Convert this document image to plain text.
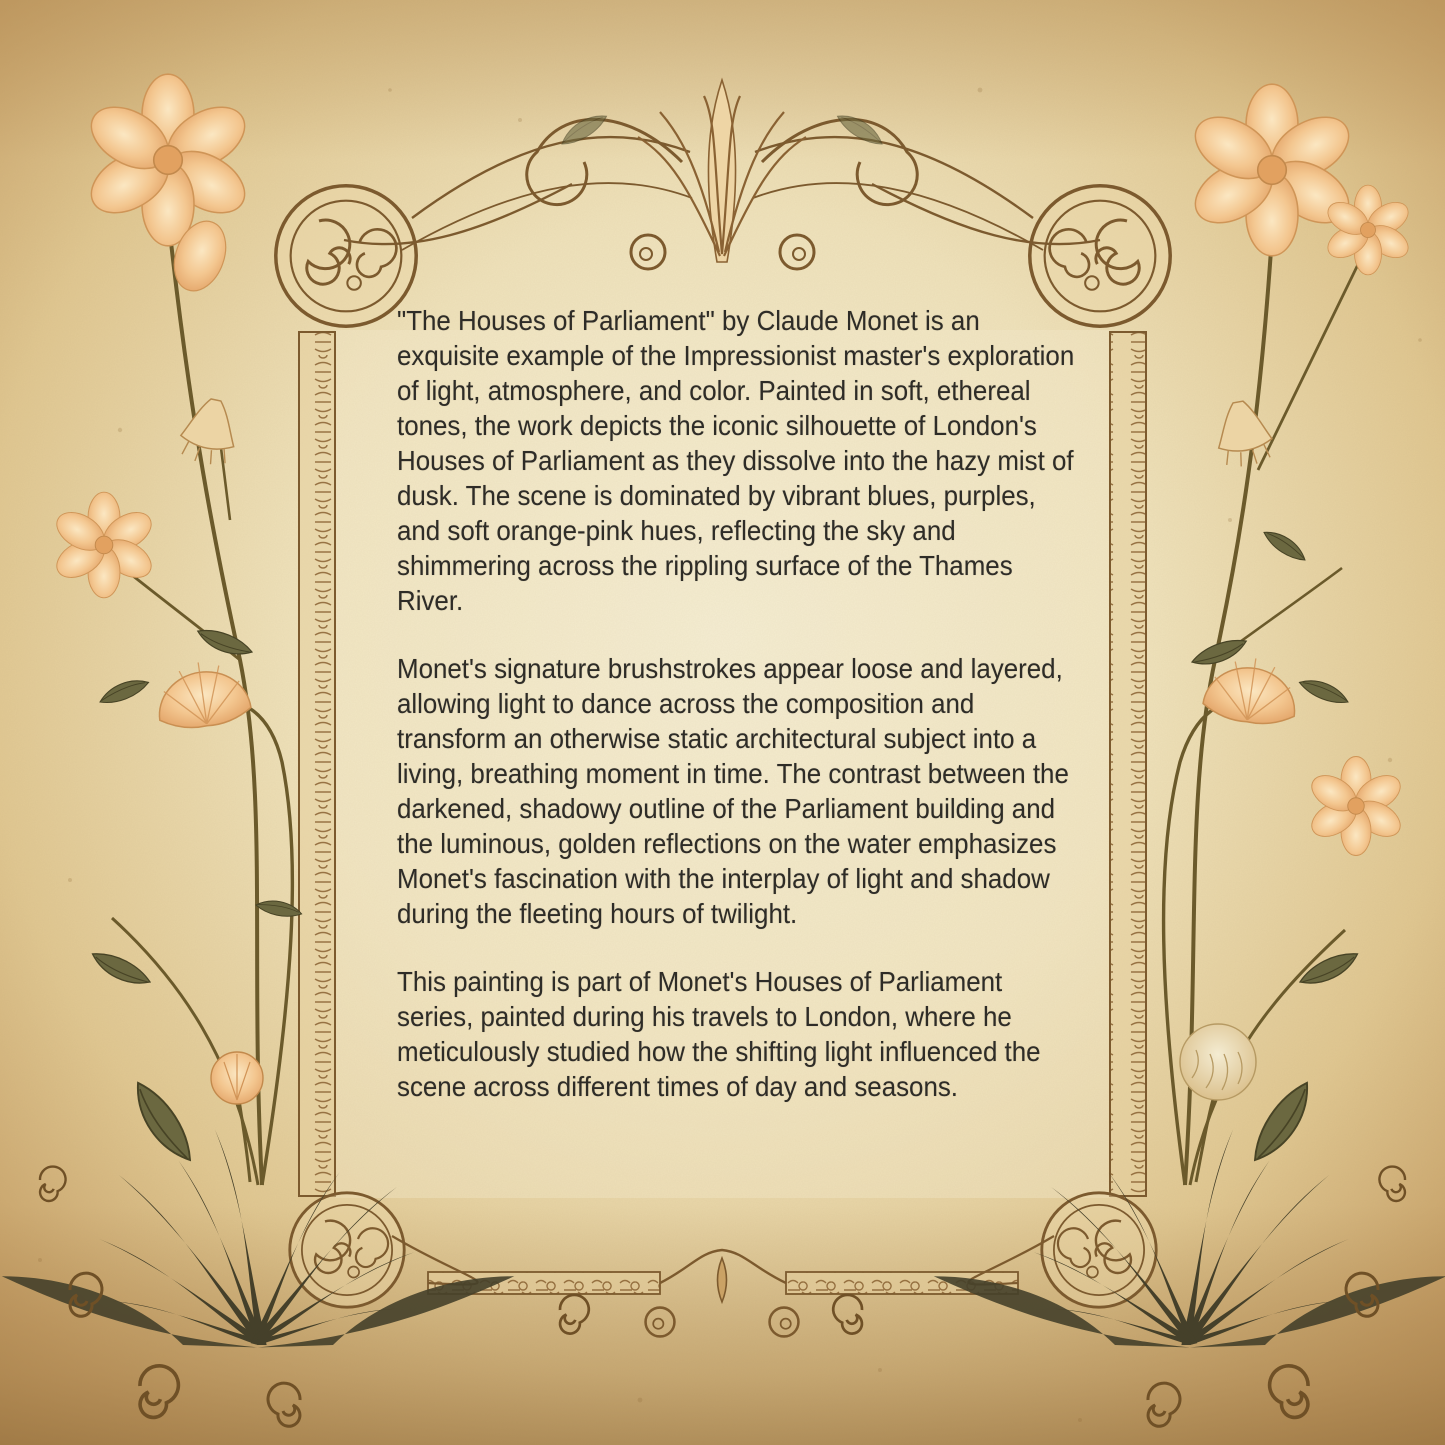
"The Houses of Parliament" by Claude Monet is an exquisite example of the Impressionist master's exploration of light, atmosphere, and color. Painted in soft, ethereal tones, the work depicts the iconic silhouette of London's Houses of Parliament as they dissolve into the hazy mist of dusk. The scene is dominated by vibrant blues, purples, and soft orange-pink hues, reflecting the sky and shimmering across the rippling surface of the Thames River.

Monet's signature brushstrokes appear loose and layered, allowing light to dance across the composition and transform an otherwise static architectural subject into a living, breathing moment in time. The contrast between the darkened, shadowy outline of the Parliament building and the luminous, golden reflections on the water emphasizes Monet's fascination with the interplay of light and shadow during the fleeting hours of twilight.

This painting is part of Monet's Houses of Parliament series, painted during his travels to London, where he meticulously studied how the shifting light influenced the scene across different times of day and seasons.
